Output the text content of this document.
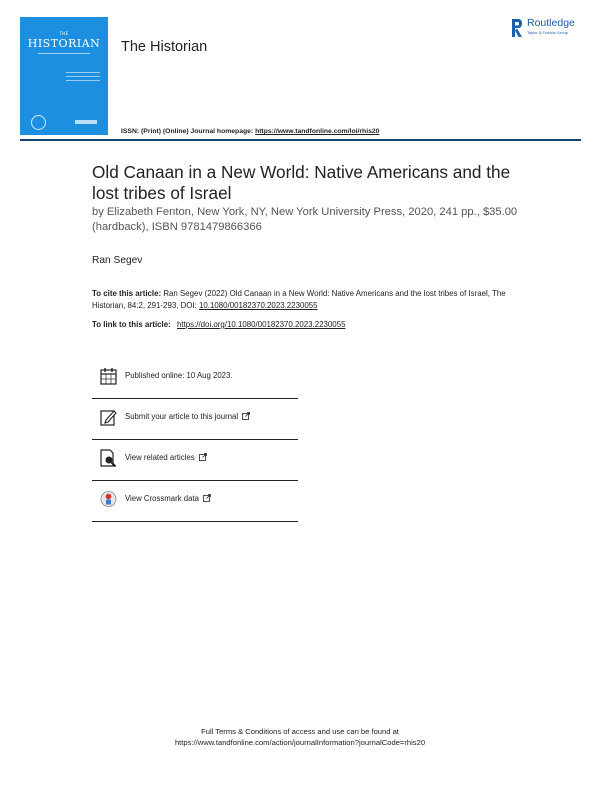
THE
HISTORIAN	The Historian
Routledge
Taylor & Francis Group
ISSN: (Print) (Online) Journal homepage: https://www.tandfonline.com/loi/rhis20
Old Canaan in a New World: Native Americans and the lost tribes of Israel
by Elizabeth Fenton, New York, NY, New York University Press, 2020, 241 pp., $35.00 (hardback), ISBN 9781479866366
Ran Segev
To cite this article: Ran Segev (2022) Old Canaan in a New World: Native Americans and the lost tribes of Israel, The Historian, 84:2, 291-293, DOI: 10.1080/00182370.2023.2230055
To link to this article: https://doi.org/10.1080/00182370.2023.2230055
Published online: 10 Aug 2023.
Submit your article to this journal
View related articles
View Crossmark data
Full Terms & Conditions of access and use can be found at
https://www.tandfonline.com/action/journalInformation?journalCode=rhis20
